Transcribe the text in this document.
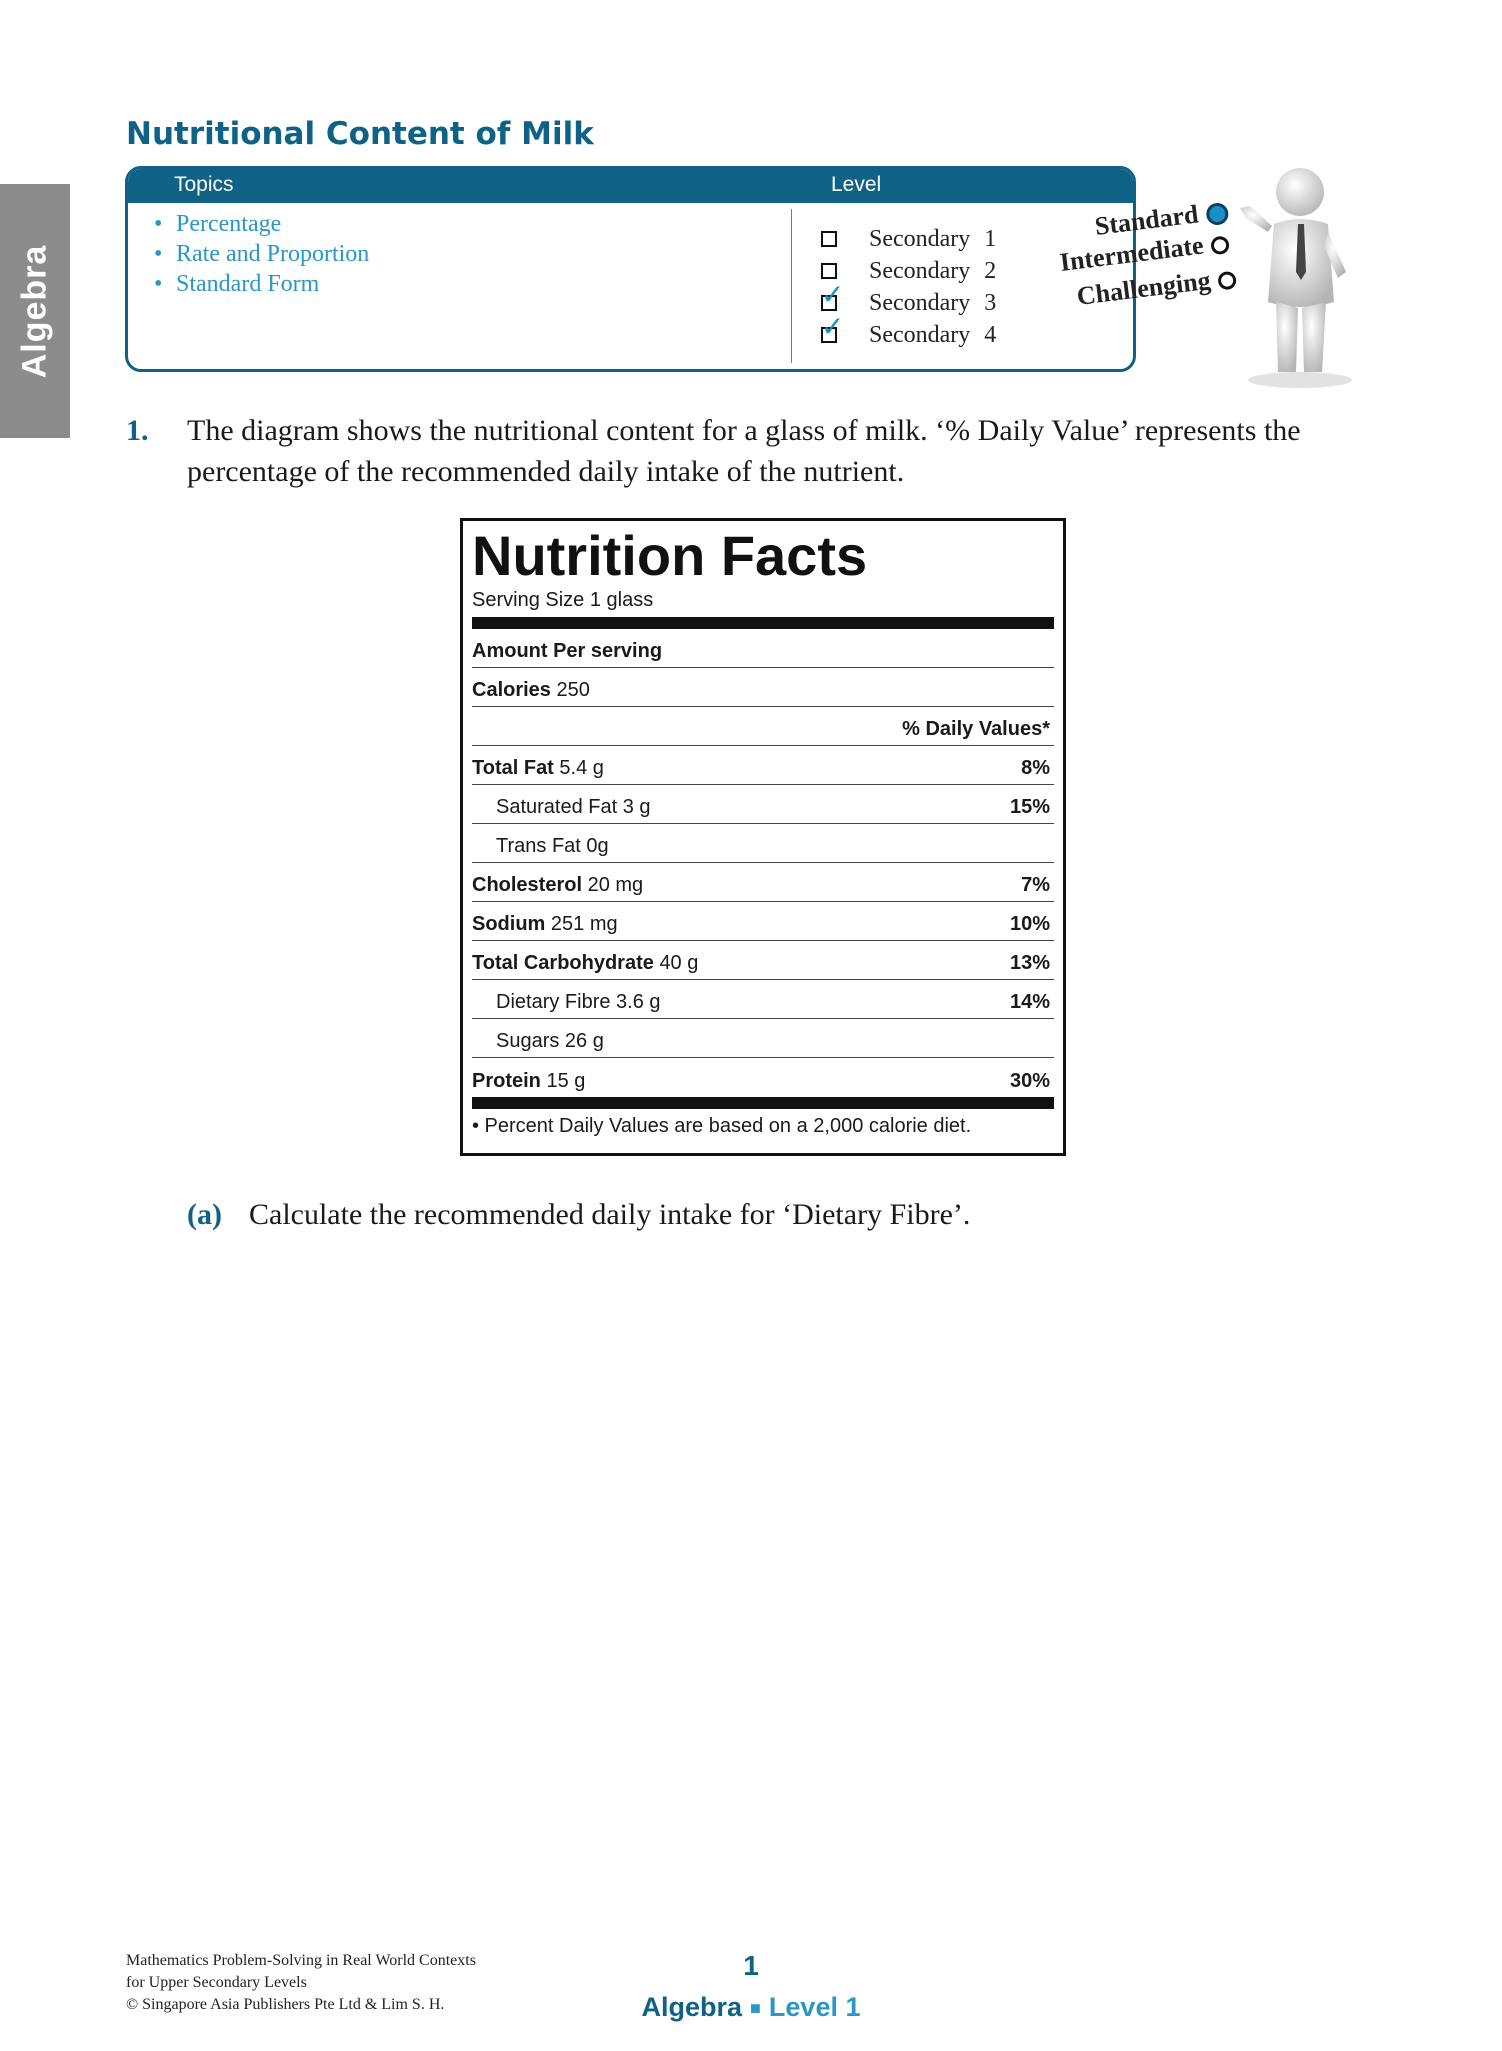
Algebra
Nutritional Content of Milk
Topics	Level
• Percentage
• Rate and Proportion
• Standard Form
Secondary 1
Secondary 2
✓ Secondary 3
✓ Secondary 4
Standard
Intermediate
Challenging
1. The diagram shows the nutritional content for a glass of milk. ‘% Daily Value’ represents the percentage of the recommended daily intake of the nutrient.

Nutrition Facts
Serving Size 1 glass
Amount Per serving
Calories 250
% Daily Values*
Total Fat 5.4 g	8%
Saturated Fat 3 g	15%
Trans Fat 0g
Cholesterol 20 mg	7%
Sodium 251 mg	10%
Total Carbohydrate 40 g	13%
Dietary Fibre 3.6 g	14%
Sugars 26 g
Protein 15 g	30%
• Percent Daily Values are based on a 2,000 calorie diet.
(a) Calculate the recommended daily intake for ‘Dietary Fibre’.
Mathematics Problem-Solving in Real World Contexts
for Upper Secondary Levels
© Singapore Asia Publishers Pte Ltd & Lim S. H.
1
Algebra ■ Level 1
